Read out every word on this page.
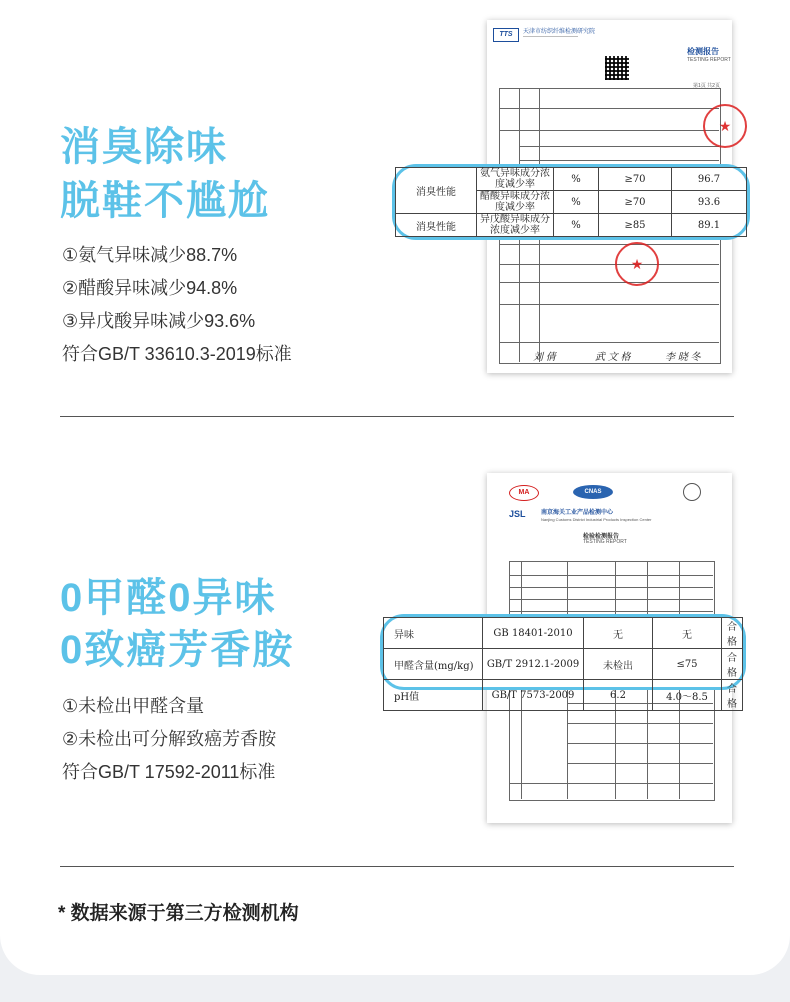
消臭除味
脱鞋不尴尬
①氨气异味减少88.7%
②醋酸异味减少94.8%
③异戊酸异味减少93.6%
符合GB/T 33610.3-2019标准
TTS	天津市纺织纤维检测研究院
———————————
检测报告
TESTING REPORT
第1页 共2页
★
★
刘 倩	武 文 格	李 晓 冬
消臭性能	氨气异味成分浓度减少率	%	≥70	96.7
	醋酸异味成分浓度减少率	%	≥70	93.6
消臭性能	异戊酸异味成分浓度减少率	%	≥85	89.1
0甲醛0异味
0致癌芳香胺
①未检出甲醛含量
②未检出可分解致癌芳香胺
符合GB/T 17592-2011标准
MA	CNAS
JSL	南京海关工业产品检测中心
Nanjing Customs District Industrial Products Inspection Center
检验检测报告
TESTING REPORT
异味	GB 18401-2010	无	无	合格
甲醛含量(mg/kg)	GB/T 2912.1-2009	未检出	≤75	合格
pH值	GB/T 7573-2009	6.2	4.0～8.5	合格
* 数据来源于第三方检测机构
